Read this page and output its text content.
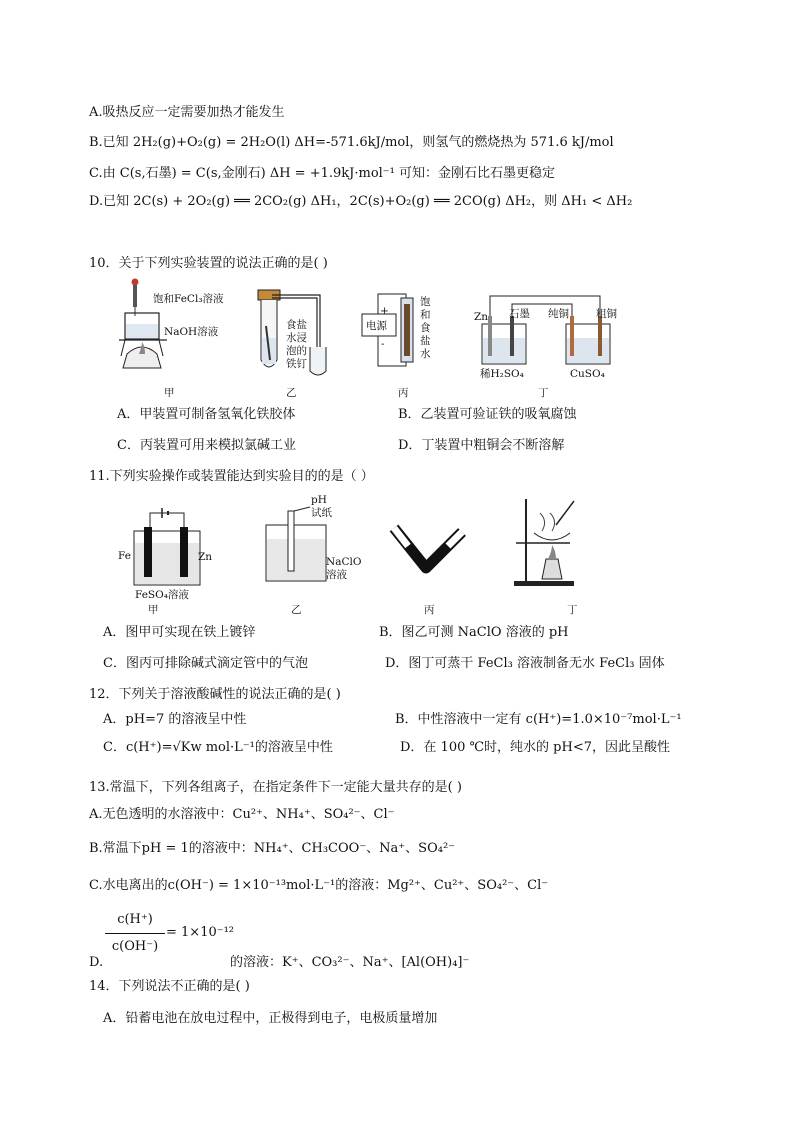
A.吸热反应一定需要加热才能发生
B.已知 2H₂(g)+O₂(g) = 2H₂O(l) ΔH=-571.6kJ/mol，则氢气的燃烧热为 571.6 kJ/mol
C.由 C(s,石墨) = C(s,金刚石) ΔH = +1.9kJ·mol⁻¹ 可知：金刚石比石墨更稳定
D.已知 2C(s) + 2O₂(g) ══ 2CO₂(g) ΔH₁，2C(s)+O₂(g) ══ 2CO(g) ΔH₂，则 ΔH₁ < ΔH₂
10．关于下列实验装置的说法正确的是( )
饱和FeCl₃溶液
NaOH溶液
食盐
水浸
泡的
铁钉
电源
+
-
饱
和
食
盐
水
Zn 石墨 纯铜	粗铜
稀H₂SO₄	CuSO₄
甲	乙	丙	丁
A．甲装置可制备氢氧化铁胶体	B．乙装置可验证铁的吸氧腐蚀
C．丙装置可用来模拟氯碱工业	D．丁装置中粗铜会不断溶解
11.下列实验操作或装置能达到实验目的的是（ ）
Fe	Zn
FeSO₄溶液
pH
试纸
NaClO
溶液
甲	乙	丙	丁
A．图甲可实现在铁上镀锌	B．图乙可测 NaClO 溶液的 pH
C．图丙可排除碱式滴定管中的气泡	D．图丁可蒸干 FeCl₃ 溶液制备无水 FeCl₃ 固体
12．下列关于溶液酸碱性的说法正确的是( )
A．pH=7 的溶液呈中性	B．中性溶液中一定有 c(H⁺)=1.0×10⁻⁷mol·L⁻¹
C．c(H⁺)=√Kw mol·L⁻¹的溶液呈中性	D．在 100 ℃时，纯水的 pH<7，因此呈酸性
13.常温下，下列各组离子，在指定条件下一定能大量共存的是( )
A.无色透明的水溶液中：Cu²⁺、NH₄⁺、SO₄²⁻、Cl⁻
B.常温下pH = 1的溶液中：NH₄⁺、CH₃COO⁻、Na⁺、SO₄²⁻
C.水电离出的c(OH⁻) = 1×10⁻¹³mol·L⁻¹的溶液：Mg²⁺、Cu²⁺、SO₄²⁻、Cl⁻
D.
c(H⁺)
c(OH⁻)
= 1×10⁻¹²
的溶液：K⁺、CO₃²⁻、Na⁺、[Al(OH)₄]⁻
14．下列说法不正确的是( )
A．铅蓄电池在放电过程中，正极得到电子，电极质量增加
